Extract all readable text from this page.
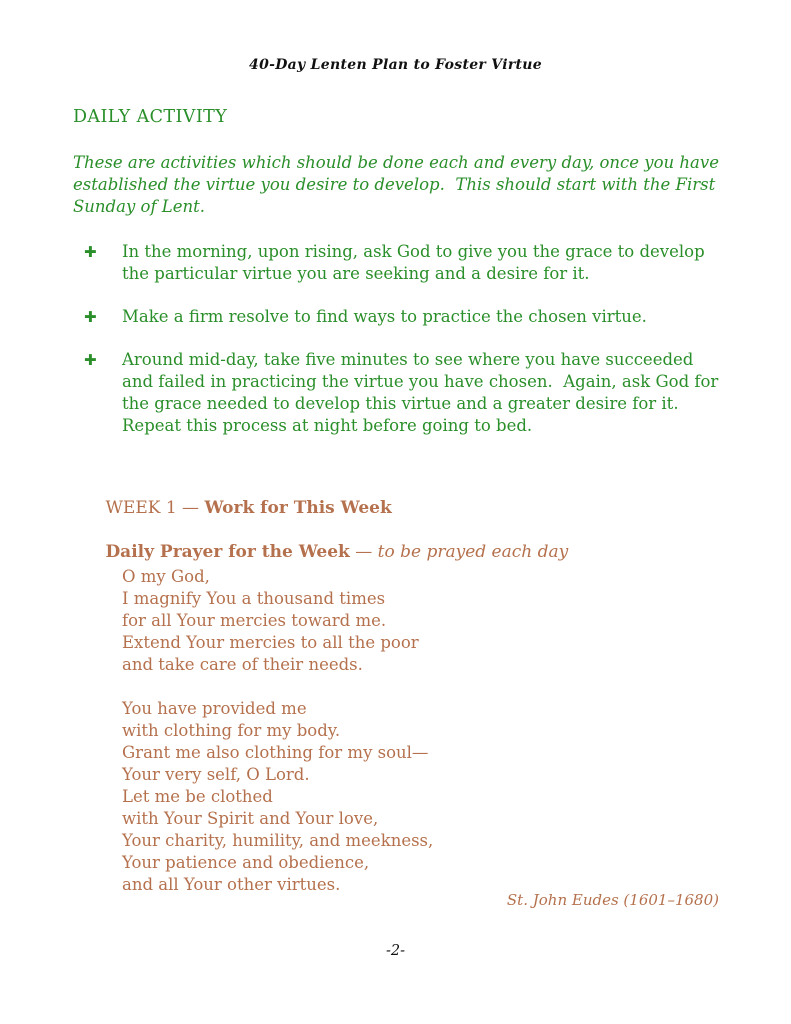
40-Day Lenten Plan to Foster Virtue
DAILY ACTIVITY
These are activities which should be done each and every day, once you have established the virtue you desire to develop.  This should start with the First Sunday of Lent.
✚	In the morning, upon rising, ask God to give you the grace to develop the particular virtue you are seeking and a desire for it.
✚	Make a firm resolve to find ways to practice the chosen virtue.
✚	Around mid-day, take five minutes to see where you have succeeded and failed in practicing the virtue you have chosen.  Again, ask God for the grace needed to develop this virtue and a greater desire for it.  Repeat this process at night before going to bed.

WEEK 1 — Work for This Week

Daily Prayer for the Week — to be prayed each day

O my God,
I magnify You a thousand times
for all Your mercies toward me.
Extend Your mercies to all the poor
and take care of their needs.
You have provided me
with clothing for my body.
Grant me also clothing for my soul—
Your very self, O Lord.
Let me be clothed
with Your Spirit and Your love,
Your charity, humility, and meekness,
Your patience and obedience,
and all Your other virtues.
St. John Eudes (1601–1680)
-2-
